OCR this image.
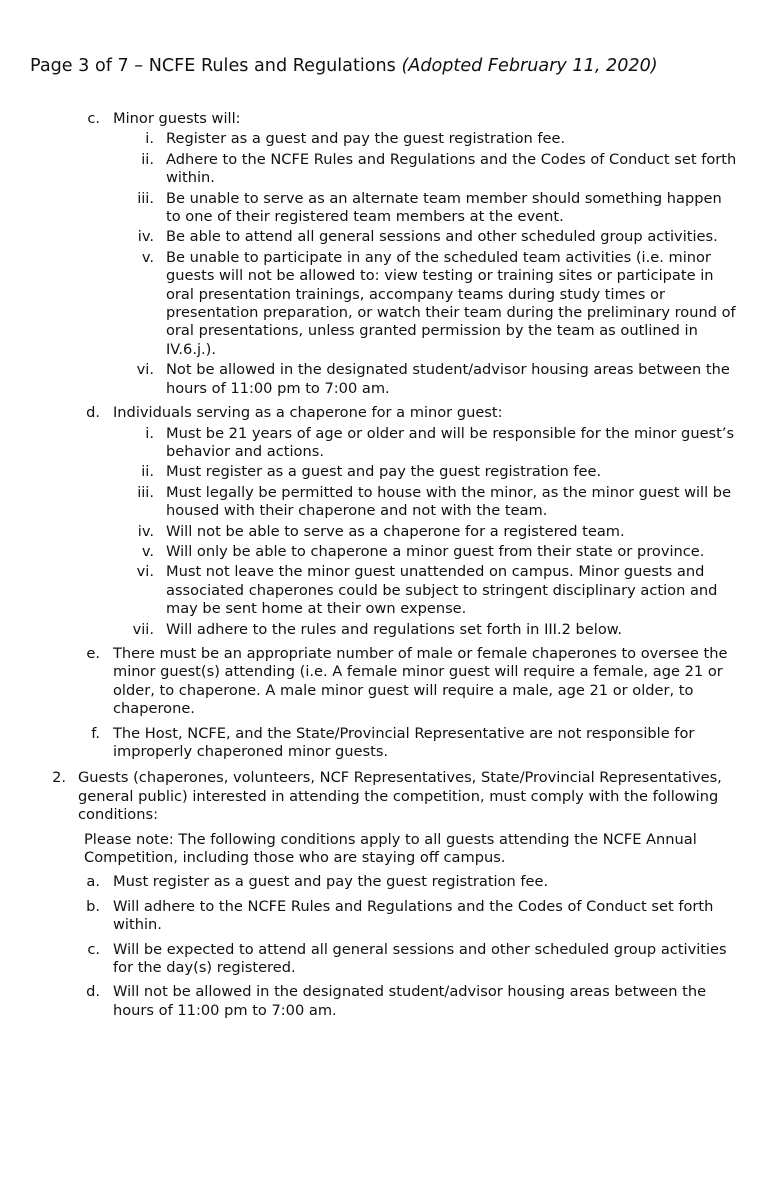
Page 3 of 7 – NCFE Rules and Regulations (Adopted February 11, 2020)
c. Minor guests will:
i. Register as a guest and pay the guest registration fee.
ii. Adhere to the NCFE Rules and Regulations and the Codes of Conduct set forth within.
iii. Be unable to serve as an alternate team member should something happen to one of their registered team members at the event.
iv. Be able to attend all general sessions and other scheduled group activities.
v. Be unable to participate in any of the scheduled team activities (i.e. minor guests will not be allowed to: view testing or training sites or participate in oral presentation trainings, accompany teams during study times or presentation preparation, or watch their team during the preliminary round of oral presentations, unless granted permission by the team as outlined in IV.6.j.).
vi. Not be allowed in the designated student/advisor housing areas between the hours of 11:00 pm to 7:00 am.
d. Individuals serving as a chaperone for a minor guest:
i. Must be 21 years of age or older and will be responsible for the minor guest’s behavior and actions.
ii. Must register as a guest and pay the guest registration fee.
iii. Must legally be permitted to house with the minor, as the minor guest will be housed with their chaperone and not with the team.
iv. Will not be able to serve as a chaperone for a registered team.
v. Will only be able to chaperone a minor guest from their state or province.
vi. Must not leave the minor guest unattended on campus. Minor guests and associated chaperones could be subject to stringent disciplinary action and may be sent home at their own expense.
vii. Will adhere to the rules and regulations set forth in III.2 below.
e. There must be an appropriate number of male or female chaperones to oversee the minor guest(s) attending (i.e. A female minor guest will require a female, age 21 or older, to chaperone. A male minor guest will require a male, age 21 or older, to chaperone.
f. The Host, NCFE, and the State/Provincial Representative are not responsible for improperly chaperoned minor guests.
2. Guests (chaperones, volunteers, NCF Representatives, State/Provincial Representatives, general public) interested in attending the competition, must comply with the following conditions:
Please note: The following conditions apply to all guests attending the NCFE Annual Competition, including those who are staying off campus.
a. Must register as a guest and pay the guest registration fee.
b. Will adhere to the NCFE Rules and Regulations and the Codes of Conduct set forth within.
c. Will be expected to attend all general sessions and other scheduled group activities for the day(s) registered.
d. Will not be allowed in the designated student/advisor housing areas between the hours of 11:00 pm to 7:00 am.
